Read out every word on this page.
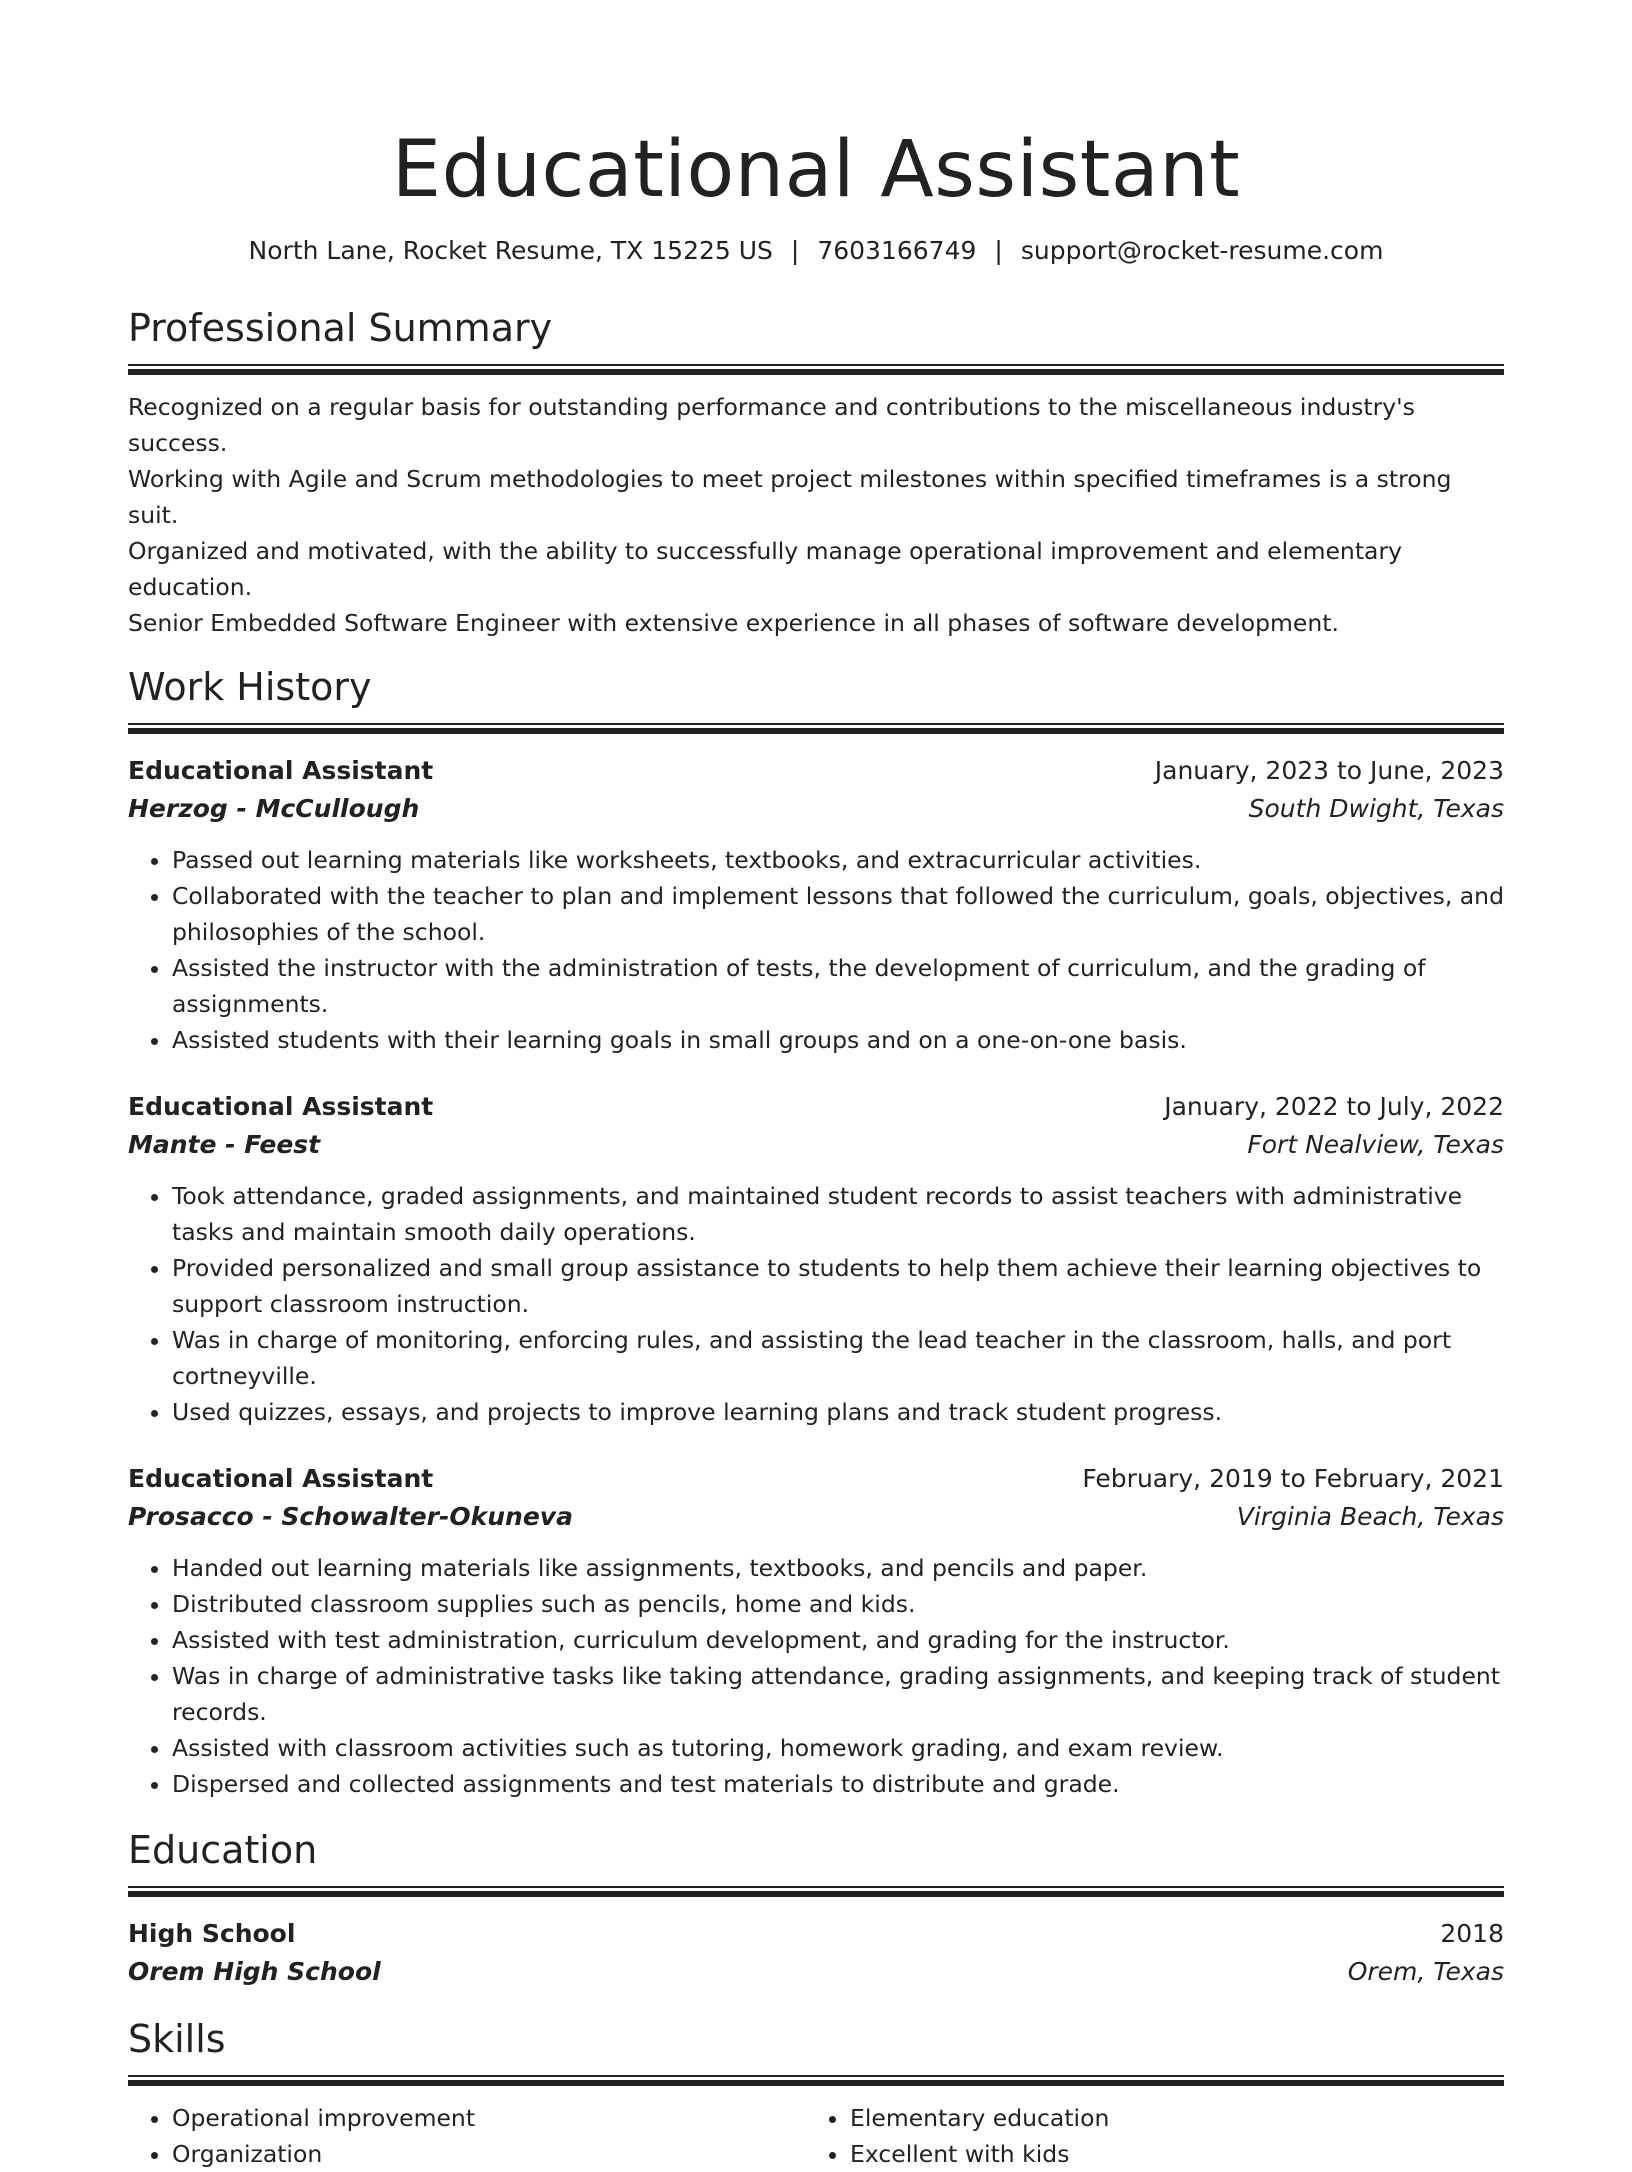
Educational Assistant
North Lane, Rocket Resume, TX 15225 US | 7603166749 | support@rocket-resume.com
Professional Summary

Recognized on a regular basis for outstanding performance and contributions to the miscellaneous industry's success.

Working with Agile and Scrum methodologies to meet project milestones within specified timeframes is a strong suit.

Organized and motivated, with the ability to successfully manage operational improvement and elementary education.

Senior Embedded Software Engineer with extensive experience in all phases of software development.

Work History
Educational Assistant	January, 2023 to June, 2023
Herzog - McCullough	South Dwight, Texas
• Passed out learning materials like worksheets, textbooks, and extracurricular activities.
• Collaborated with the teacher to plan and implement lessons that followed the curriculum, goals, objectives, and philosophies of the school.
• Assisted the instructor with the administration of tests, the development of curriculum, and the grading of assignments.
• Assisted students with their learning goals in small groups and on a one-on-one basis.
Educational Assistant	January, 2022 to July, 2022
Mante - Feest	Fort Nealview, Texas
• Took attendance, graded assignments, and maintained student records to assist teachers with administrative tasks and maintain smooth daily operations.
• Provided personalized and small group assistance to students to help them achieve their learning objectives to support classroom instruction.
• Was in charge of monitoring, enforcing rules, and assisting the lead teacher in the classroom, halls, and port cortneyville.
• Used quizzes, essays, and projects to improve learning plans and track student progress.
Educational Assistant	February, 2019 to February, 2021
Prosacco - Schowalter-Okuneva	Virginia Beach, Texas
• Handed out learning materials like assignments, textbooks, and pencils and paper.
• Distributed classroom supplies such as pencils, home and kids.
• Assisted with test administration, curriculum development, and grading for the instructor.
• Was in charge of administrative tasks like taking attendance, grading assignments, and keeping track of student records.
• Assisted with classroom activities such as tutoring, homework grading, and exam review.
• Dispersed and collected assignments and test materials to distribute and grade.
Education
High School	2018
Orem High School	Orem, Texas
Skills
• Operational improvement
• Organization
• Elementary education
• Excellent with kids
